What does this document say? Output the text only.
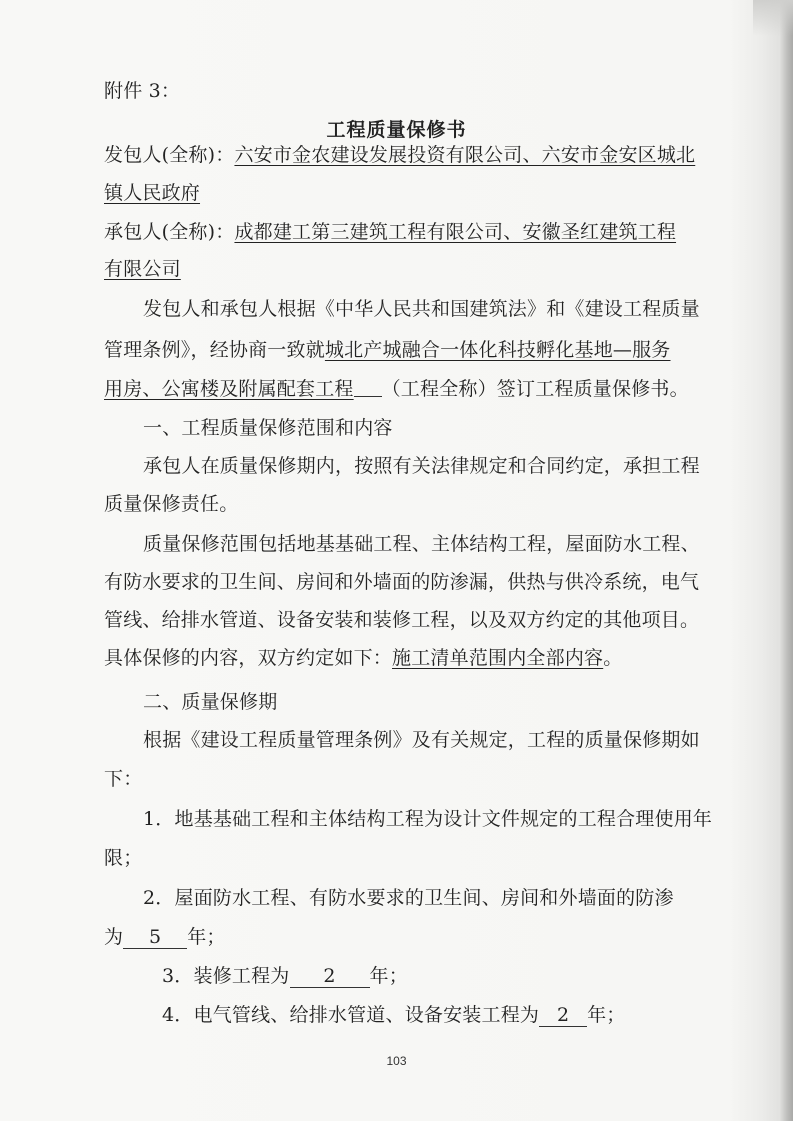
附件 3：
工程质量保修书
发包人(全称)：六安市金农建设发展投资有限公司、六安市金安区城北
镇人民政府
承包人(全称)：成都建工第三建筑工程有限公司、安徽圣红建筑工程
有限公司
发包人和承包人根据《中华人民共和国建筑法》和《建设工程质量
管理条例》，经协商一致就城北产城融合一体化科技孵化基地—服务
用房、公寓楼及附属配套工程 （工程全称）签订工程质量保修书。
一、工程质量保修范围和内容
承包人在质量保修期内，按照有关法律规定和合同约定，承担工程
质量保修责任。
质量保修范围包括地基基础工程、主体结构工程，屋面防水工程、
有防水要求的卫生间、房间和外墙面的防渗漏，供热与供冷系统，电气
管线、给排水管道、设备安装和装修工程，以及双方约定的其他项目。
具体保修的内容，双方约定如下：施工清单范围内全部内容。
二、质量保修期
根据《建设工程质量管理条例》及有关规定，工程的质量保修期如
下：
1．地基基础工程和主体结构工程为设计文件规定的工程合理使用年
限；
2．屋面防水工程、有防水要求的卫生间、房间和外墙面的防渗
为 5 年；
3．装修工程为 2 年；
4．电气管线、给排水管道、设备安装工程为 2 年；
103
